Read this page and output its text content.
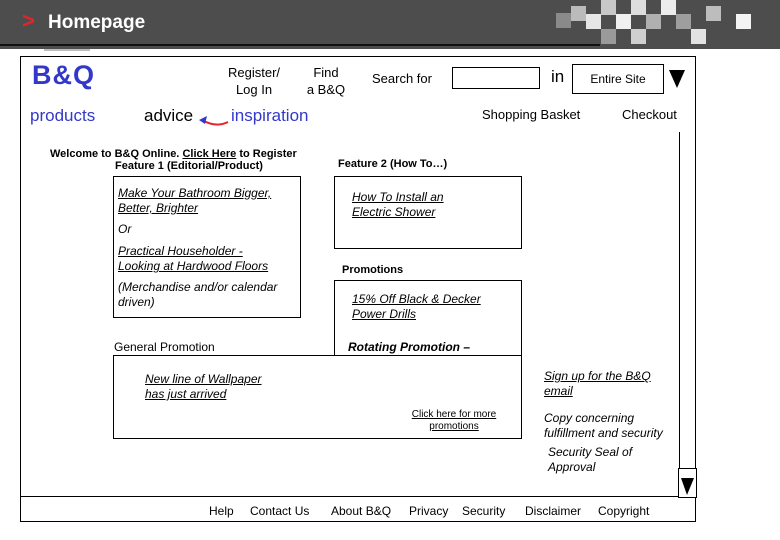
> Homepage
B&Q	Register/
Log In
Find
a B&Q
Search for	in	Entire Site
products	advice inspiration	Shopping Basket	Checkout
Welcome to B&Q Online. Click Here to Register
Feature 1 (Editorial/Product)
Make Your Bathroom Bigger,
Better, Brighter
Or
Practical Householder -
Looking at Hardwood Floors
(Merchandise and/or calendar
driven)
Feature 2 (How To…)
How To Install an
Electric Shower
Promotions
15% Off Black & Decker
Power Drills
Rotating Promotion –
General Promotion
New line of Wallpaper
has just arrived
Click here for more
promotions
Sign up for the B&Q
email
Copy concerning
fulfillment and security
Security Seal of
Approval
Help Contact Us About B&Q Privacy Security Disclaimer Copyright
